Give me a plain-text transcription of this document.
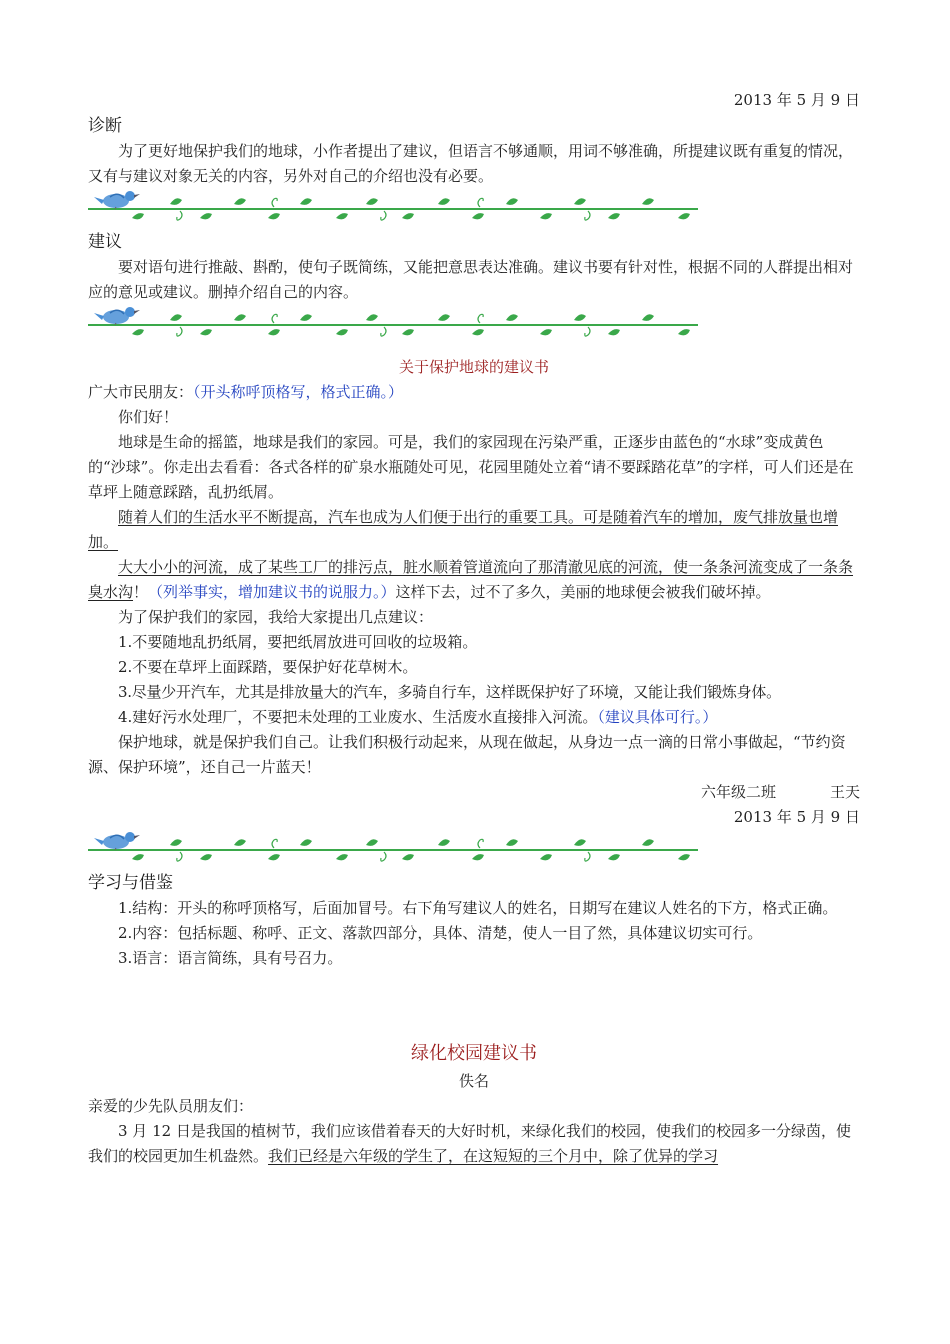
2013 年 5 月 9 日

诊断

为了更好地保护我们的地球，小作者提出了建议，但语言不够通顺，用词不够准确，所提建议既有重复的情况，又有与建议对象无关的内容，另外对自己的介绍也没有必要。

建议

要对语句进行推敲、斟酌，使句子既简练，又能把意思表达准确。建议书要有针对性，根据不同的人群提出相对应的意见或建议。删掉介绍自己的内容。

关于保护地球的建议书

广大市民朋友：（开头称呼顶格写，格式正确。）

你们好！

地球是生命的摇篮，地球是我们的家园。可是，我们的家园现在污染严重，正逐步由蓝色的“水球”变成黄色的“沙球”。你走出去看看：各式各样的矿泉水瓶随处可见，花园里随处立着“请不要踩踏花草”的字样，可人们还是在草坪上随意踩踏，乱扔纸屑。

随着人们的生活水平不断提高，汽车也成为人们便于出行的重要工具。可是随着汽车的增加，废气排放量也增加。

大大小小的河流，成了某些工厂的排污点，脏水顺着管道流向了那清澈见底的河流，使一条条河流变成了一条条臭水沟！（列举事实，增加建议书的说服力。）这样下去，过不了多久，美丽的地球便会被我们破坏掉。

为了保护我们的家园，我给大家提出几点建议：

1.不要随地乱扔纸屑，要把纸屑放进可回收的垃圾箱。

2.不要在草坪上面踩踏，要保护好花草树木。

3.尽量少开汽车，尤其是排放量大的汽车，多骑自行车，这样既保护好了环境，又能让我们锻炼身体。

4.建好污水处理厂，不要把未处理的工业废水、生活废水直接排入河流。（建议具体可行。）

保护地球，就是保护我们自己。让我们积极行动起来，从现在做起，从身边一点一滴的日常小事做起，“节约资源、保护环境”，还自己一片蓝天！

六年级二班	王天

2013 年 5 月 9 日

学习与借鉴

1.结构：开头的称呼顶格写，后面加冒号。右下角写建议人的姓名，日期写在建议人姓名的下方，格式正确。

2.内容：包括标题、称呼、正文、落款四部分，具体、清楚，使人一目了然，具体建议切实可行。

3.语言：语言简练，具有号召力。

绿化校园建议书

佚名

亲爱的少先队员朋友们：

3 月 12 日是我国的植树节，我们应该借着春天的大好时机，来绿化我们的校园，使我们的校园多一分绿茵，使我们的校园更加生机盎然。我们已经是六年级的学生了，在这短短的三个月中，除了优异的学习
